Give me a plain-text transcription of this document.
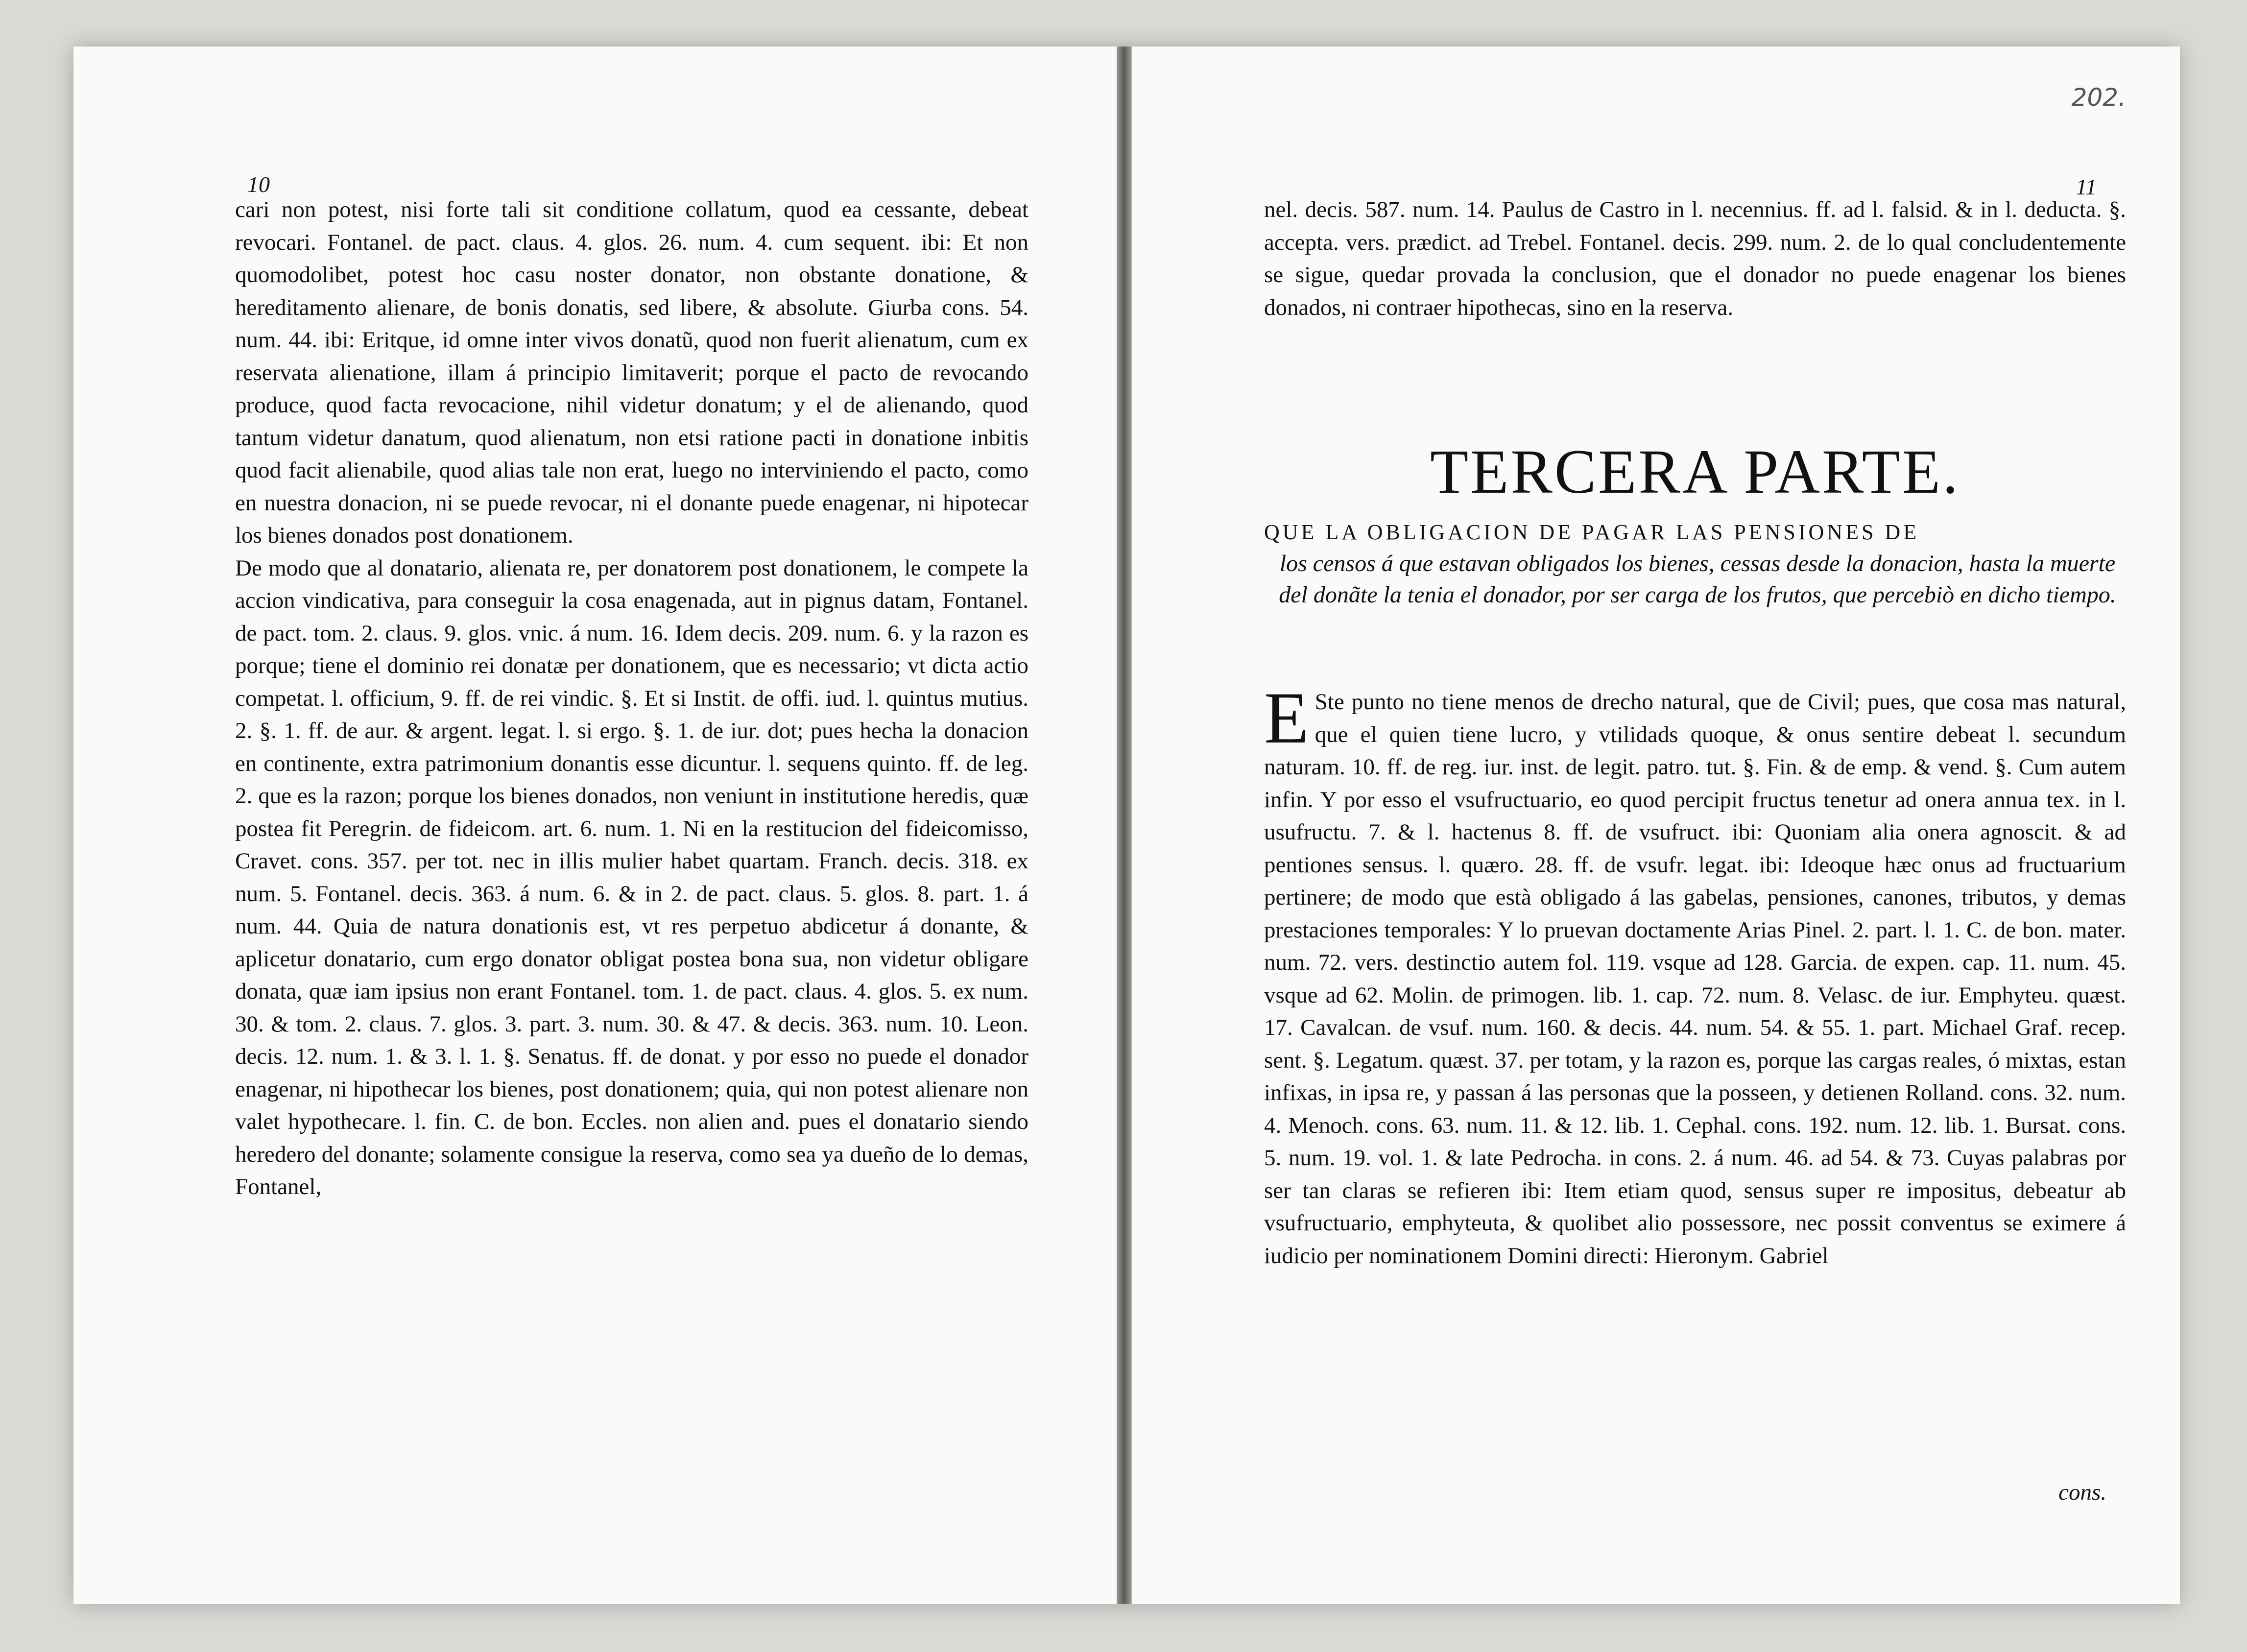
10

cari non potest, nisi forte tali sit conditione collatum, quod ea cessante, debeat revocari. Fontanel. de pact. claus. 4. glos. 26. num. 4. cum sequent. ibi: Et non quomodolibet, potest hoc casu noster donator, non obstante donatione, & hereditamento alienare, de bonis donatis, sed libere, & absolute. Giurba cons. 54. num. 44. ibi: Eritque, id omne inter vivos donatũ, quod non fuerit alienatum, cum ex reservata alienatione, illam á principio limitaverit; porque el pacto de revocando produce, quod facta revocacione, nihil videtur donatum; y el de alienando, quod tantum videtur danatum, quod alienatum, non etsi ratione pacti in donatione inbitis quod facit alienabile, quod alias tale non erat, luego no interviniendo el pacto, como en nuestra donacion, ni se puede revocar, ni el donante puede enagenar, ni hipotecar los bienes donados post donationem.

De modo que al donatario, alienata re, per donatorem post donationem, le compete la accion vindicativa, para conseguir la cosa enagenada, aut in pignus datam, Fontanel. de pact. tom. 2. claus. 9. glos. vnic. á num. 16. Idem decis. 209. num. 6. y la razon es porque; tiene el dominio rei donatæ per donationem, que es necessario; vt dicta actio competat. l. officium, 9. ff. de rei vindic. §. Et si Instit. de offi. iud. l. quintus mutius. 2. §. 1. ff. de aur. & argent. legat. l. si ergo. §. 1. de iur. dot; pues hecha la donacion en continente, extra patrimonium donantis esse dicuntur. l. sequens quinto. ff. de leg. 2. que es la razon; porque los bienes donados, non veniunt in institutione heredis, quæ postea fit Peregrin. de fideicom. art. 6. num. 1. Ni en la restitucion del fideicomisso, Cravet. cons. 357. per tot. nec in illis mulier habet quartam. Franch. decis. 318. ex num. 5. Fontanel. decis. 363. á num. 6. & in 2. de pact. claus. 5. glos. 8. part. 1. á num. 44. Quia de natura donationis est, vt res perpetuo abdicetur á donante, & aplicetur donatario, cum ergo donator obligat postea bona sua, non videtur obligare donata, quæ iam ipsius non erant Fontanel. tom. 1. de pact. claus. 4. glos. 5. ex num. 30. & tom. 2. claus. 7. glos. 3. part. 3. num. 30. & 47. & decis. 363. num. 10. Leon. decis. 12. num. 1. & 3. l. 1. §. Senatus. ff. de donat. y por esso no puede el donador enagenar, ni hipothecar los bienes, post donationem; quia, qui non potest alienare non valet hypothecare. l. fin. C. de bon. Eccles. non alien and. pues el donatario siendo heredero del donante; solamente consigue la reserva, como sea ya dueño de lo demas, Fontanel,

202.
11
nel. decis. 587. num. 14. Paulus de Castro in l. necennius. ff. ad l. falsid. & in l. deducta. §. accepta. vers. prædict. ad Trebel. Fontanel. decis. 299. num. 2. de lo qual concludentemente se sigue, quedar provada la conclusion, que el donador no puede enagenar los bienes donados, ni contraer hipothecas, sino en la reserva.
TERCERA PARTE.
QUE LA OBLIGACION DE PAGAR LAS PENSIONES DE
los censos á que estavan obligados los bienes, cessas desde la donacion, hasta la muerte del donãte la tenia el donador, por ser carga de los frutos, que percebiò en dicho tiempo.
E Ste punto no tiene menos de drecho natural, que de Civil; pues, que cosa mas natural, que el quien tiene lucro, y vtilidads quoque, & onus sentire debeat l. secundum naturam. 10. ff. de reg. iur. inst. de legit. patro. tut. §. Fin. & de emp. & vend. §. Cum autem infin. Y por esso el vsufructuario, eo quod percipit fructus tenetur ad onera annua tex. in l. usufructu. 7. & l. hactenus 8. ff. de vsufruct. ibi: Quoniam alia onera agnoscit. & ad pentiones sensus. l. quæro. 28. ff. de vsufr. legat. ibi: Ideoque hæc onus ad fructuarium pertinere; de modo que està obligado á las gabelas, pensiones, canones, tributos, y demas prestaciones temporales: Y lo pruevan doctamente Arias Pinel. 2. part. l. 1. C. de bon. mater. num. 72. vers. destinctio autem fol. 119. vsque ad 128. Garcia. de expen. cap. 11. num. 45. vsque ad 62. Molin. de primogen. lib. 1. cap. 72. num. 8. Velasc. de iur. Emphyteu. quæst. 17. Cavalcan. de vsuf. num. 160. & decis. 44. num. 54. & 55. 1. part. Michael Graf. recep. sent. §. Legatum. quæst. 37. per totam, y la razon es, porque las cargas reales, ó mixtas, estan infixas, in ipsa re, y passan á las personas que la posseen, y detienen Rolland. cons. 32. num. 4. Menoch. cons. 63. num. 11. & 12. lib. 1. Cephal. cons. 192. num. 12. lib. 1. Bursat. cons. 5. num. 19. vol. 1. & late Pedrocha. in cons. 2. á num. 46. ad 54. & 73. Cuyas palabras por ser tan claras se refieren ibi: Item etiam quod, sensus super re impositus, debeatur ab vsufructuario, emphyteuta, & quolibet alio possessore, nec possit conventus se eximere á iudicio per nominationem Domini directi: Hieronym. Gabriel
cons.
